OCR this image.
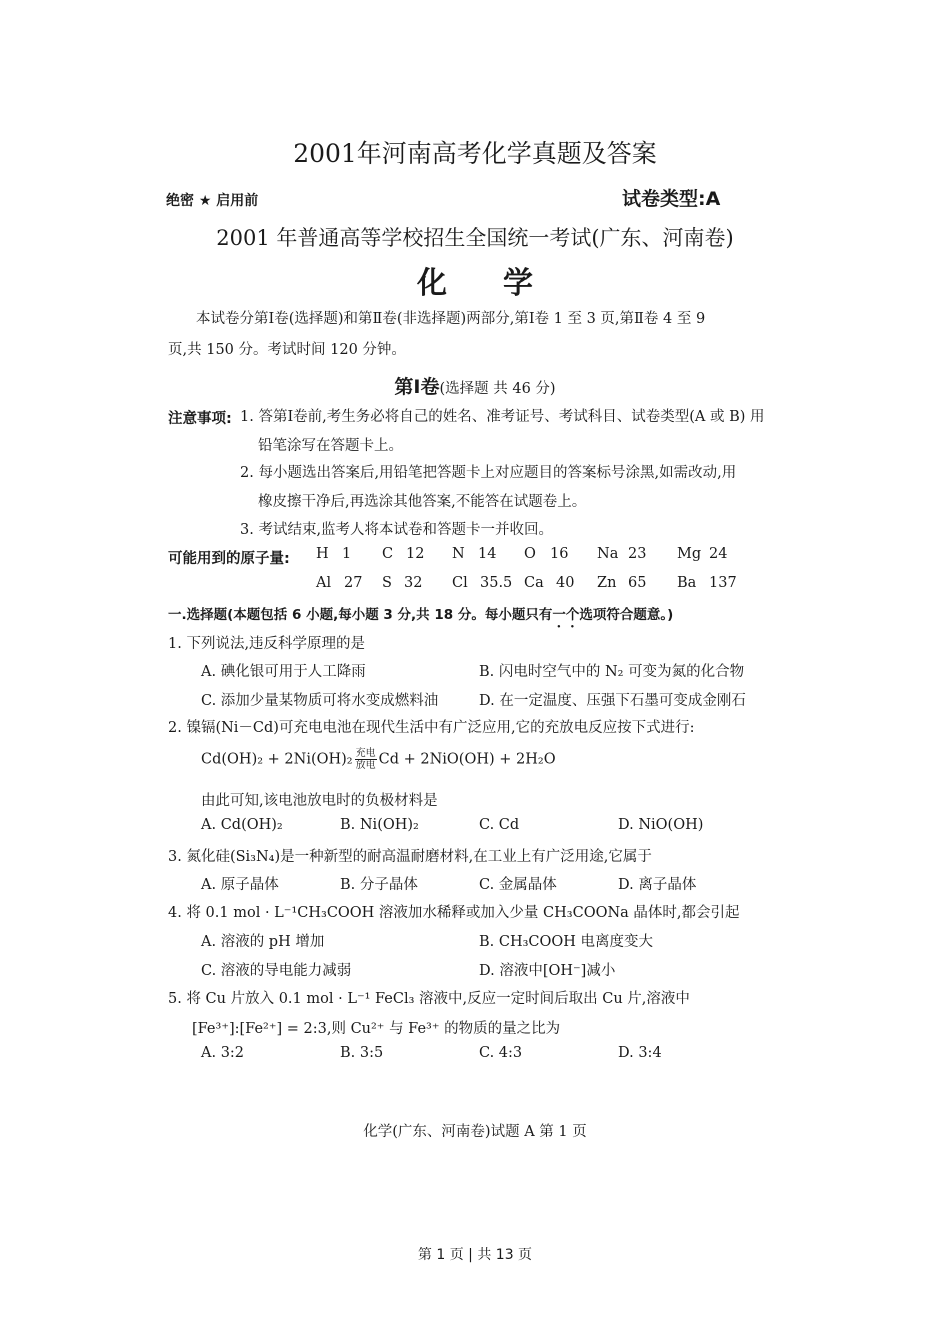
2001年河南高考化学真题及答案
绝密 ★ 启用前	试卷类型:A
2001 年普通高等学校招生全国统一考试(广东、河南卷)
化学
本试卷分第Ⅰ卷(选择题)和第Ⅱ卷(非选择题)两部分,第Ⅰ卷 1 至 3 页,第Ⅱ卷 4 至 9
页,共 150 分。考试时间 120 分钟。
第Ⅰ卷(选择题 共 46 分)
注意事项: 1. 答第Ⅰ卷前,考生务必将自己的姓名、准考证号、考试科目、试卷类型(A 或 B) 用
铅笔涂写在答题卡上。
2. 每小题选出答案后,用铅笔把答题卡上对应题目的答案标号涂黑,如需改动,用
橡皮擦干净后,再选涂其他答案,不能答在试题卷上。
3. 考试结束,监考人将本试卷和答题卡一并收回。
可能用到的原子量: H 1 C 12 N 14 O 16 Na 23 Mg 24
Al 27 S 32 Cl 35.5 Ca 40 Zn 65 Ba 137
一.选择题(本题包括 6 小题,每小题 3 分,共 18 分。每小题只有一个选项符合题意。)
1. 下列说法,违反科学原理的是
A. 碘化银可用于人工降雨	B. 闪电时空气中的 N₂ 可变为氮的化合物
C. 添加少量某物质可将水变成燃料油	D. 在一定温度、压强下石墨可变成金刚石
2. 镍镉(Ni－Cd)可充电电池在现代生活中有广泛应用,它的充放电反应按下式进行:
$Cd(OH)_2 + 2Ni(OH)_2 \frac{\text{充电}}{\text{放电}}$ Cd + 2NiO(OH) + 2H₂O
由此可知,该电池放电时的负极材料是
A. Cd(OH)₂	B. Ni(OH)₂	C. Cd	D. NiO(OH)
3. 氮化硅(Si₃N₄)是一种新型的耐高温耐磨材料,在工业上有广泛用途,它属于
A. 原子晶体	B. 分子晶体	C. 金属晶体	D. 离子晶体
4. 将 0.1 mol · L⁻¹CH₃COOH 溶液加水稀释或加入少量 CH₃COONa 晶体时,都会引起
A. 溶液的 pH 增加	B. CH₃COOH 电离度变大
C. 溶液的导电能力减弱	D. 溶液中[OH⁻]减小
5. 将 Cu 片放入 0.1 mol · L⁻¹ FeCl₃ 溶液中,反应一定时间后取出 Cu 片,溶液中
[Fe³⁺]:[Fe²⁺] = 2:3,则 Cu²⁺ 与 Fe³⁺ 的物质的量之比为
A. 3:2	B. 3:5	C. 4:3	D. 3:4
化学(广东、河南卷)试题 A 第 1 页
第 1 页 | 共 13 页
